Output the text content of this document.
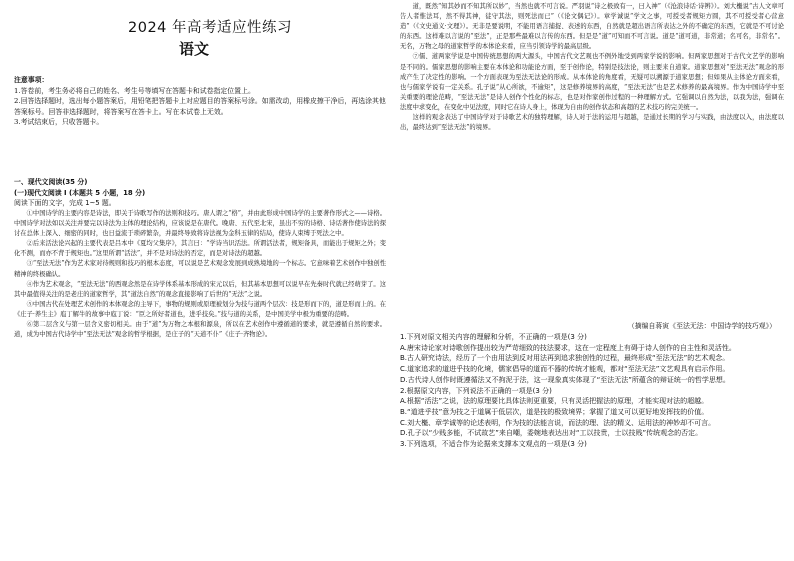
2024 年高考适应性练习
语文
注意事项：

1.答卷前，考生务必将自己的姓名、考生号等填写在答题卡和试卷指定位置上。

2.回答选择题时，选出每小题答案后，用铅笔把答题卡上对应题目的答案标号涂。如需改动，用橡皮擦干净后，再选涂其他答案标号。回答非选择题时，将答案写在答卡上。写在本试卷上无效。

3.考试结束后，只收答题卡。

一、现代文阅读(35 分)
(一)现代文阅读 I (本题共 5 小题，18 分)
阅读下面的文字，完成 1~5 题。

①中国诗学的主要内容是诗法，即关于诗歌写作的法则和技巧。唐人谓之“格”，并由此形成中国诗学的主要著作形式之——诗格。中国诗学对法如以关注并要完以诗法为主体的理论结构，应该说是在唐代。晚唐、五代至北宋，虽出不穷的诗格、诗话著作使诗法的探讨在总体上深入、细密的同时，也日益流于琐碎繁杂，并最终导致将诗法视为金科玉律的结局，使诗人束缚于死法之中。

②后来活法论兴起的主要代表是吕本中《夏均父集序》，其言曰：“学诗当识活法。所谓活法者，规矩备具，而能出于规矩之外；变化不测，而亦不背于规矩也。”这里所谓“活法”，并不是对诗法的否定，而是对诗法的超越。

③“至法无法”作为艺术家对待规则和技巧的根本态度，可以说是艺术观念发展到成熟境地的一个标志。它意味着艺术创作中独创性精神的终极确认。

④作为艺术观念，“至法无法”的西观念然是在诗学体系基本形成的宋元以后，但其基本思想可以说早在先秦时代就已经萌芽了。这其中最值得关注的是老庄的道家哲学，其“道法自然”的观念直接影响了后世的“无法”之说。

⑤中国古代在处理艺术创作的本体观念的主导下，事物的规则或原理被划分为技与道两个层次：技是形而下的，道是形而上的。在《庄子·养生主》庖丁解牛的故事中庖丁说：“臣之所好者道也，进乎技矣。”技与道的关系，是中国美学中极为重要的范畴。

⑥第二层含义与第一层含义密切相关。由于“道”为万物之本根和源泉，所以在艺术创作中遵循道的要求，就是遵循自然的要求。道，成为中国古代诗学中“至法无法”观念的哲学根据，是庄子的“天道不仆”《庄子·齐物论》。

道，既然“知其妙而不知其所以妙”，当然也就不可言说。严羽说“诗之极致有一，曰入神”（《沧浪诗话·诗辨》）。刘大櫆说“古人文章可告人者惟法耳，然不得其神，徒守其法，则死法而已”（《论文偶记》）。章学诚说“学文之事，可授受者规矩方圆，其不可授受者心营意造”（《文史通义·文理》）。无非是要说明，不能用语言捕捉、表述的东西，自然就是超出语言所表达之外的不确定的东西，它就是不可讨论的东西。这样难以言说的“至法”，正是那些最难以言传的东西。但是是“道”可知而不可言说。道是“道可道，非常道；名可名，非常名”。无名，万物之母的道家哲学的本体论来看，应当引领诗学的最高层级。

⑦儒、道两家学说是中国传统思想的两大源头，中国古代文艺观也不例外地受到两家学说的影响。但两家思想对于古代文艺学的影响是不同的。儒家思想的影响主要在本体论和功能论方面，至于创作论，特别是技法论，则主要来自道家。道家思想对“至法无法”观念的形成产生了决定性的影响。一个方面表现为至法无法论的形成。从本体论的角度看，无疑可以溯源于道家思想；但如果从主体论方面来看，也与儒家学说有一定关系。孔子说“从心所欲，不逾矩”，这是修养境界的高度，“至法无法”也是艺术修养的最高境界。作为中国诗学中至关重要的理论范畴，“至法无法”是诗人创作个性化的标志，也是对作家创作过程的一种理解方式。它强调以自然为法，以我为法，强调在法度中求变化，在变化中见法度，同时它在诗人身上，体现为自由的创作状态和高超的艺术技巧的完美统一。

这样的观念表达了中国诗学对于诗歌艺术的独特理解，诗人对于法的运用与超越，是通过长期的学习与实践，由法度以入，由法度以出，最终达到“至法无法”的境界。

（摘编自蒋寅《至法无法：中国诗学的技巧观》）

1.下列对原文相关内容的理解和分析，不正确的一项是(3 分)

A.唐宋诗论家对诗歌创作提出较为严苛细致的技法要求，这在一定程度上有碍于诗人创作的自主性和灵活性。

B.古人研究诗法，经历了一个由用法到反对用法再到追求独创性的过程，最终形成“至法无法”的艺术观念。

C.道家追求的道进乎技的化境，儒家倡导的道而不器的传统才能观，都对“至法无法”文艺观具有启示作用。

D.古代诗人创作时既遵循法又不拘泥于法，这一现象真实体现了“至法无法”所蕴含的辩证统一的哲学思想。

2.根据原文内容，下列说法不正确的一项是(3 分)

A.根据“活法”之说，法的原理要比具体法则更重要，只有灵活把握法的原理，才能实现对法的超越。

B.“道进乎技”意为技之于道属于低层次，道是技的极致境界；掌握了道又可以更好地发挥技的价值。

C.刘大櫆、章学诚等的论述表明，作为技的法能言说，而法的理、法的精义、运用法的神妙却不可言。

D.孔子以“少贱多能，不试故艺”来自嘲，委婉地表达出对“工以技贵，士以技贱”传统观念的否定。

3.下列选项，不适合作为论据来支撑本文观点的一项是(3 分)
